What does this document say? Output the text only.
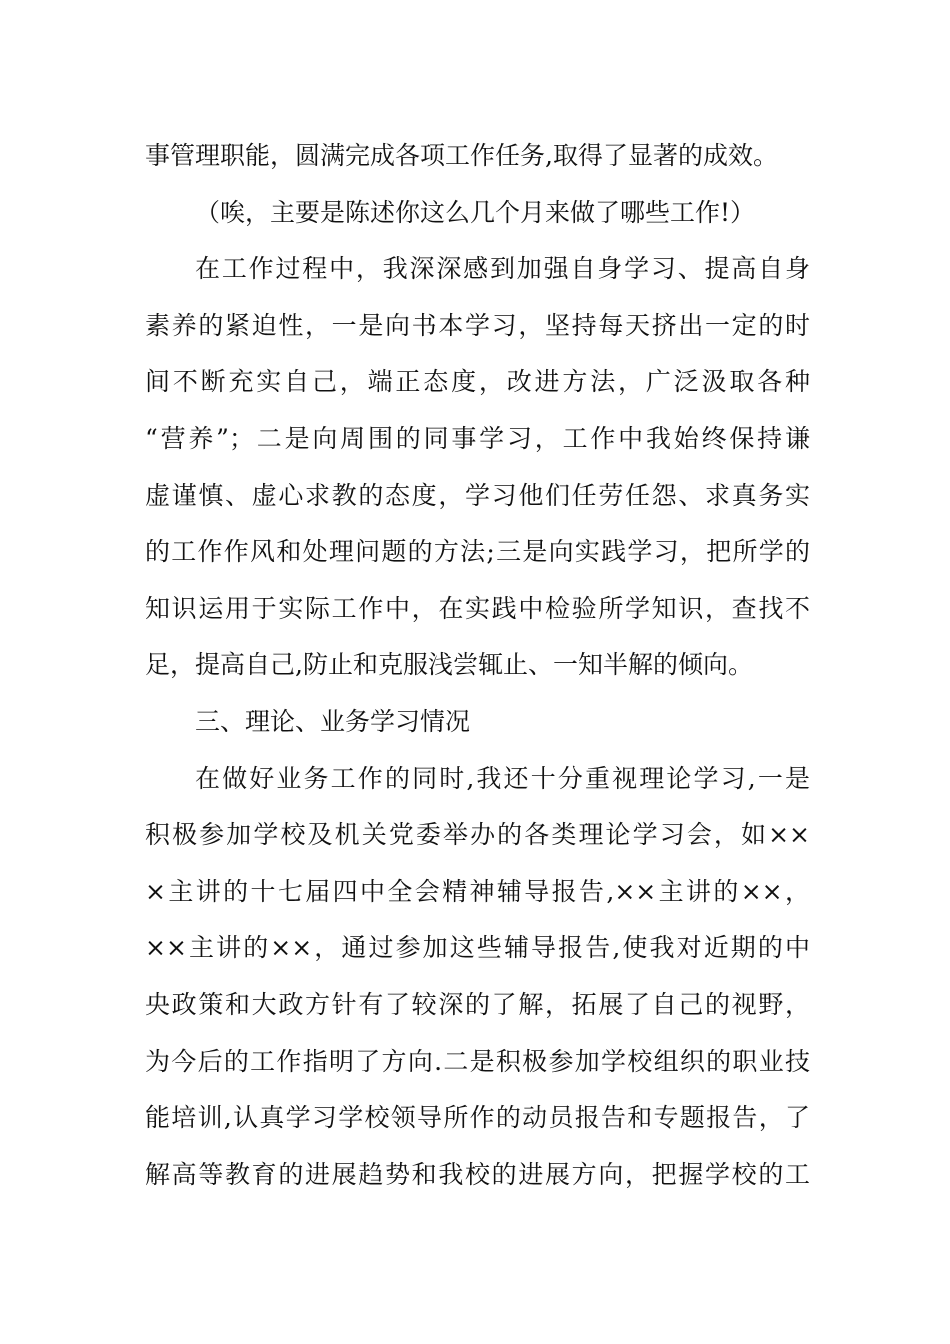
事管理职能，圆满完成各项工作任务,取得了显著的成效。
（唉，主要是陈述你这么几个月来做了哪些工作!）
在工作过程中，我深深感到加强自身学习、提高自身
素养的紧迫性，一是向书本学习，坚持每天挤出一定的时
间不断充实自己，端正态度，改进方法，广泛汲取各种
“营养”；二是向周围的同事学习，工作中我始终保持谦
虚谨慎、虚心求教的态度，学习他们任劳任怨、求真务实
的工作作风和处理问题的方法;三是向实践学习，把所学的
知识运用于实际工作中，在实践中检验所学知识，查找不
足，提高自己,防止和克服浅尝辄止、一知半解的倾向。
三、理论、业务学习情况
在做好业务工作的同时,我还十分重视理论学习,一是
积极参加学校及机关党委举办的各类理论学习会，如××
×主讲的十七届四中全会精神辅导报告,××主讲的××，
××主讲的××，通过参加这些辅导报告,使我对近期的中
央政策和大政方针有了较深的了解，拓展了自己的视野，
为今后的工作指明了方向.二是积极参加学校组织的职业技
能培训,认真学习学校领导所作的动员报告和专题报告，了
解高等教育的进展趋势和我校的进展方向，把握学校的工
